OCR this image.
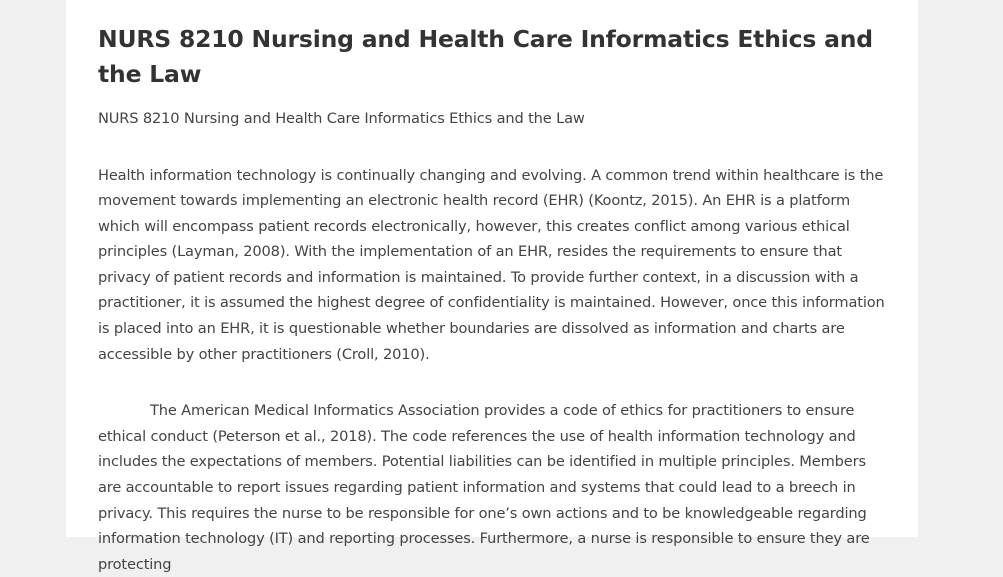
NURS 8210 Nursing and Health Care Informatics Ethics and the Law

NURS 8210 Nursing and Health Care Informatics Ethics and the Law

Health information technology is continually changing and evolving. A common trend within healthcare is the movement towards implementing an electronic health record (EHR) (Koontz, 2015). An EHR is a platform which will encompass patient records electronically, however, this creates conflict among various ethical principles (Layman, 2008). With the implementation of an EHR, resides the requirements to ensure that privacy of patient records and information is maintained. To provide further context, in a discussion with a practitioner, it is assumed the highest degree of confidentiality is maintained. However, once this information is placed into an EHR, it is questionable whether boundaries are dissolved as information and charts are accessible by other practitioners (Croll, 2010).

The American Medical Informatics Association provides a code of ethics for practitioners to ensure ethical conduct (Peterson et al., 2018). The code references the use of health information technology and includes the expectations of members. Potential liabilities can be identified in multiple principles. Members are accountable to report issues regarding patient information and systems that could lead to a breech in privacy. This requires the nurse to be responsible for one’s own actions and to be knowledgeable regarding information technology (IT) and reporting processes. Furthermore, a nurse is responsible to ensure they are protecting
